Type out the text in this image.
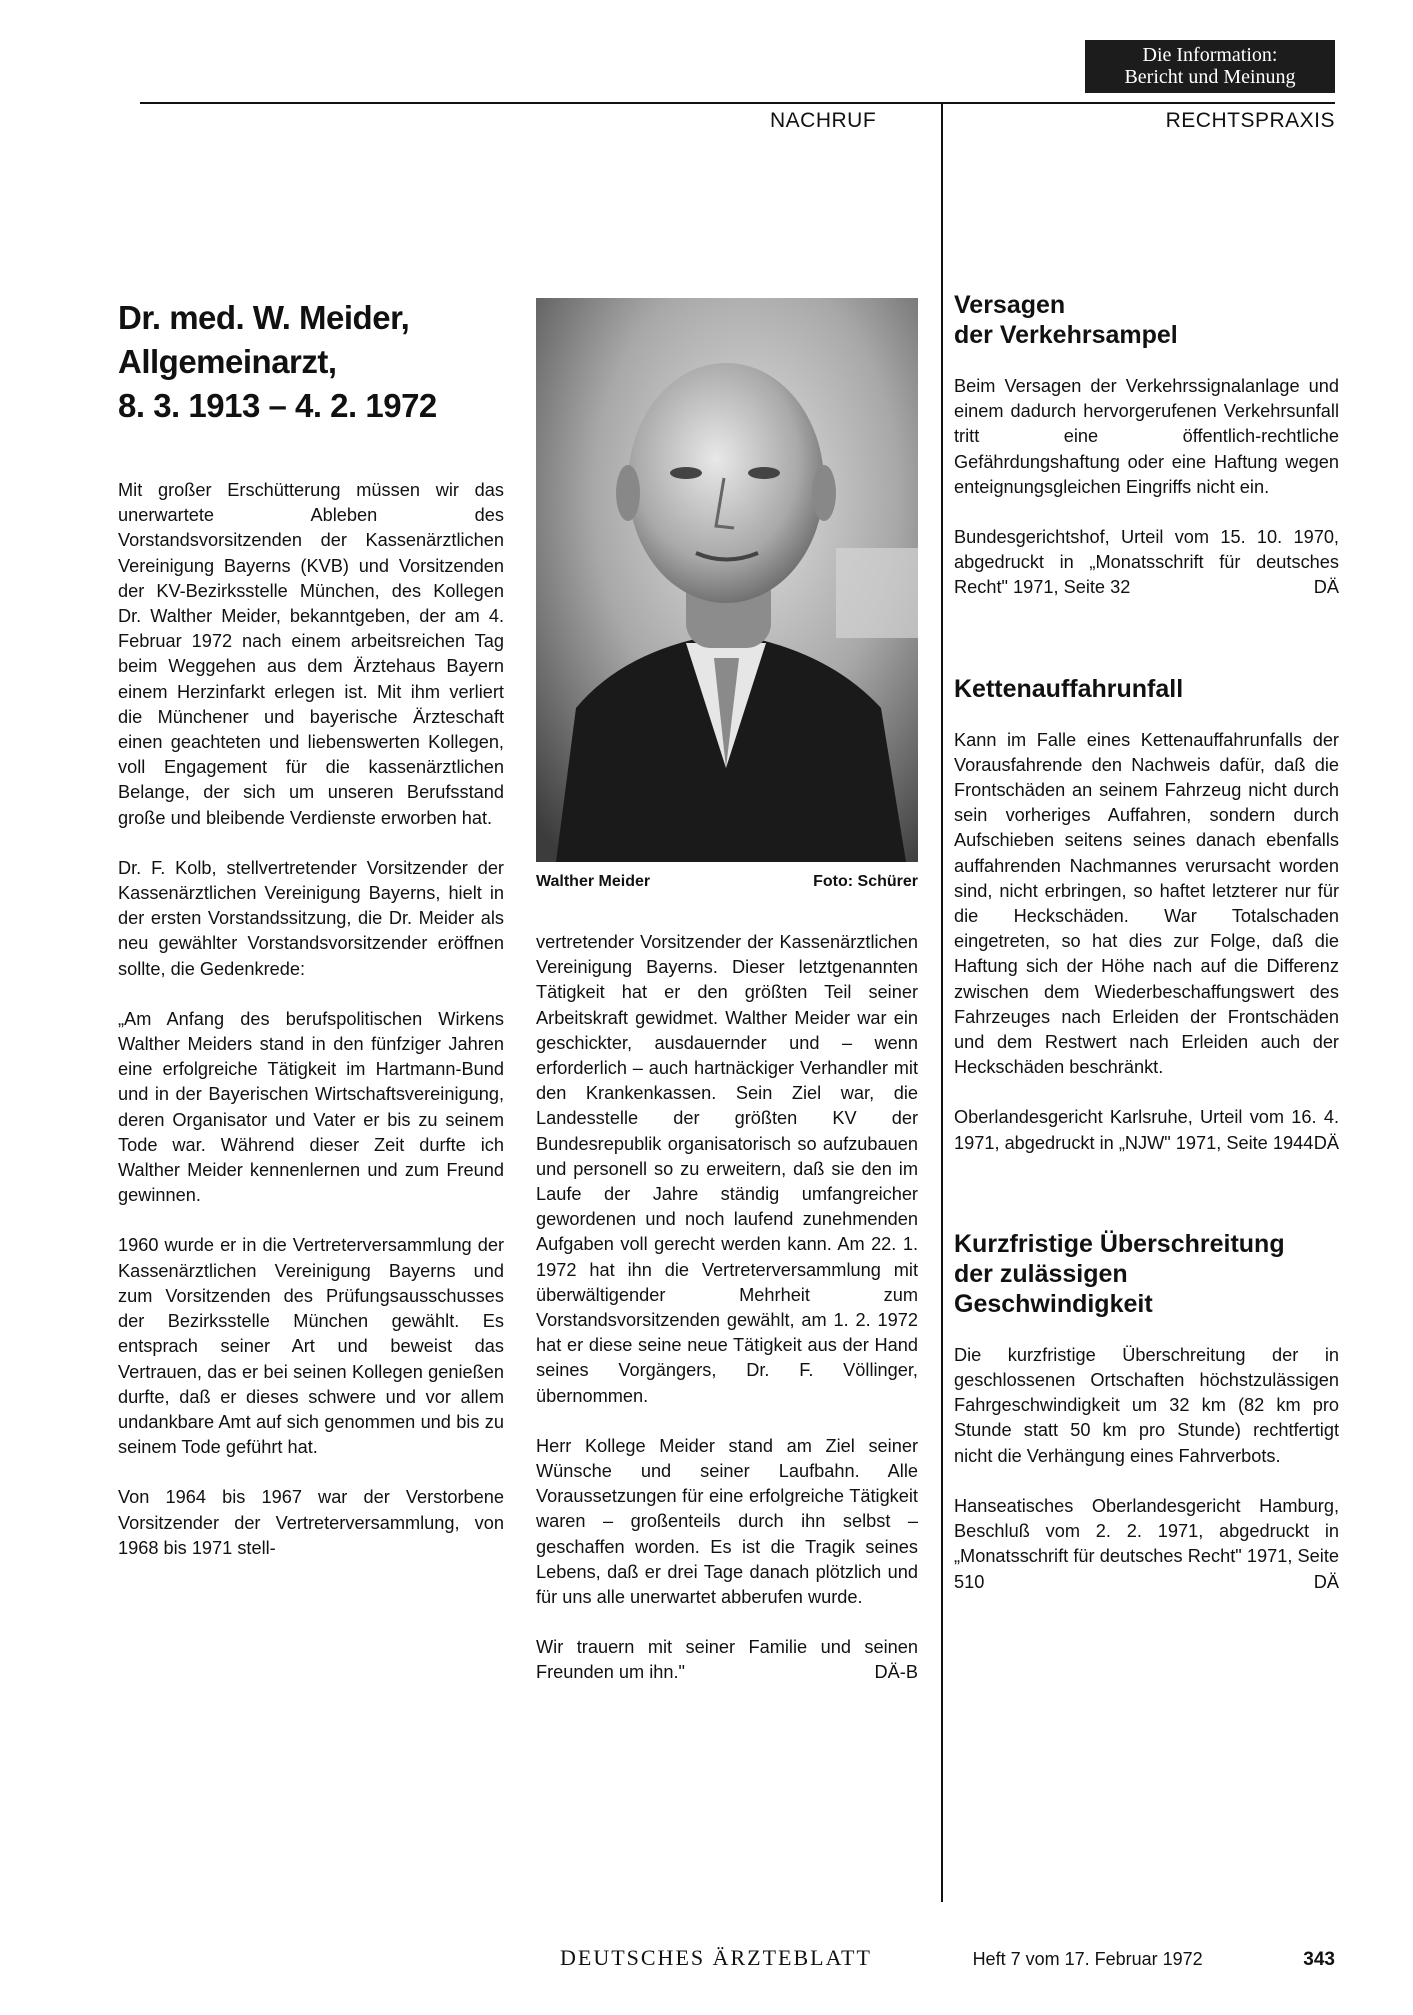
Die Information:
Bericht und Meinung
NACHRUF	RECHTSPRAXIS
Dr. med. W. Meider,
Allgemeinarzt,
8. 3. 1913 – 4. 2. 1972

Mit großer Erschütterung müssen wir das unerwartete Ableben des Vorstandsvorsitzenden der Kassenärztlichen Vereinigung Bayerns (KVB) und Vorsitzenden der KV-Bezirksstelle München, des Kollegen Dr. Walther Meider, bekanntgeben, der am 4. Februar 1972 nach einem arbeitsreichen Tag beim Weggehen aus dem Ärztehaus Bayern einem Herzinfarkt erlegen ist. Mit ihm verliert die Münchener und bayerische Ärzteschaft einen geachteten und liebenswerten Kollegen, voll Engagement für die kassenärztlichen Belange, der sich um unseren Berufsstand große und bleibende Verdienste erworben hat.

Dr. F. Kolb, stellvertretender Vorsitzender der Kassenärztlichen Vereinigung Bayerns, hielt in der ersten Vorstandssitzung, die Dr. Meider als neu gewählter Vorstandsvorsitzender eröffnen sollte, die Gedenkrede:

„Am Anfang des berufspolitischen Wirkens Walther Meiders stand in den fünfziger Jahren eine erfolgreiche Tätigkeit im Hartmann-Bund und in der Bayerischen Wirtschaftsvereinigung, deren Organisator und Vater er bis zu seinem Tode war. Während dieser Zeit durfte ich Walther Meider kennenlernen und zum Freund gewinnen.

1960 wurde er in die Vertreterversammlung der Kassenärztlichen Vereinigung Bayerns und zum Vorsitzenden des Prüfungsausschusses der Bezirksstelle München gewählt. Es entsprach seiner Art und beweist das Vertrauen, das er bei seinen Kollegen genießen durfte, daß er dieses schwere und vor allem undankbare Amt auf sich genommen und bis zu seinem Tode geführt hat.

Von 1964 bis 1967 war der Verstorbene Vorsitzender der Vertreterversammlung, von 1968 bis 1971 stell-

Walther Meider	Foto: Schürer

vertretender Vorsitzender der Kassenärztlichen Vereinigung Bayerns. Dieser letztgenannten Tätigkeit hat er den größten Teil seiner Arbeitskraft gewidmet. Walther Meider war ein geschickter, ausdauernder und – wenn erforderlich – auch hartnäckiger Verhandler mit den Krankenkassen. Sein Ziel war, die Landesstelle der größten KV der Bundesrepublik organisatorisch so aufzubauen und personell so zu erweitern, daß sie den im Laufe der Jahre ständig umfangreicher gewordenen und noch laufend zunehmenden Aufgaben voll gerecht werden kann. Am 22. 1. 1972 hat ihn die Vertreterversammlung mit überwältigender Mehrheit zum Vorstandsvorsitzenden gewählt, am 1. 2. 1972 hat er diese seine neue Tätigkeit aus der Hand seines Vorgängers, Dr. F. Völlinger, übernommen.

Herr Kollege Meider stand am Ziel seiner Wünsche und seiner Laufbahn. Alle Voraussetzungen für eine erfolgreiche Tätigkeit waren – großenteils durch ihn selbst – geschaffen worden. Es ist die Tragik seines Lebens, daß er drei Tage danach plötzlich und für uns alle unerwartet abberufen wurde.

Wir trauern mit seiner Familie und seinen Freunden um ihn."	DÄ-B

Versagen
der Verkehrsampel

Beim Versagen der Verkehrssignalanlage und einem dadurch hervorgerufenen Verkehrsunfall tritt eine öffentlich-rechtliche Gefährdungshaftung oder eine Haftung wegen enteignungsgleichen Eingriffs nicht ein.

Bundesgerichtshof, Urteil vom 15. 10. 1970, abgedruckt in „Monatsschrift für deutsches Recht" 1971, Seite 32	DÄ

Kettenauffahrunfall

Kann im Falle eines Kettenauffahrunfalls der Vorausfahrende den Nachweis dafür, daß die Frontschäden an seinem Fahrzeug nicht durch sein vorheriges Auffahren, sondern durch Aufschieben seitens seines danach ebenfalls auffahrenden Nachmannes verursacht worden sind, nicht erbringen, so haftet letzterer nur für die Heckschäden. War Totalschaden eingetreten, so hat dies zur Folge, daß die Haftung sich der Höhe nach auf die Differenz zwischen dem Wiederbeschaffungswert des Fahrzeuges nach Erleiden der Frontschäden und dem Restwert nach Erleiden auch der Heckschäden beschränkt.

Oberlandesgericht Karlsruhe, Urteil vom 16. 4. 1971, abgedruckt in „NJW" 1971, Seite 1944 DÄ

Kurzfristige Überschreitung
der zulässigen
Geschwindigkeit

Die kurzfristige Überschreitung der in geschlossenen Ortschaften höchstzulässigen Fahrgeschwindigkeit um 32 km (82 km pro Stunde statt 50 km pro Stunde) rechtfertigt nicht die Verhängung eines Fahrverbots.

Hanseatisches Oberlandesgericht Hamburg, Beschluß vom 2. 2. 1971, abgedruckt in „Monatsschrift für deutsches Recht" 1971, Seite 510	DÄ

DEUTSCHES ÄRZTEBLATT	Heft 7 vom 17. Februar 1972	343
